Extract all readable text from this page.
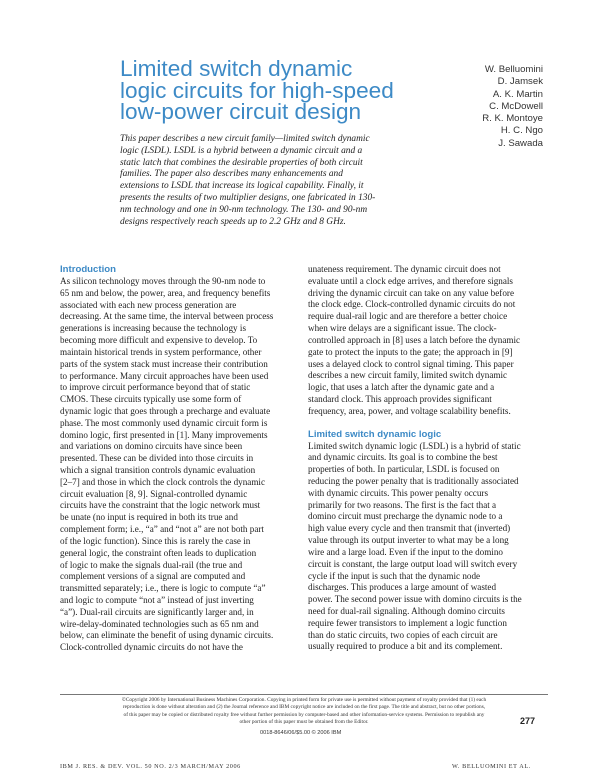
Limited switch dynamic
logic circuits for high-speed
low-power circuit design
W. Belluomini
D. Jamsek
A. K. Martin
C. McDowell
R. K. Montoye
H. C. Ngo
J. Sawada
This paper describes a new circuit family—limited switch dynamic
logic (LSDL). LSDL is a hybrid between a dynamic circuit and a
static latch that combines the desirable properties of both circuit
families. The paper also describes many enhancements and
extensions to LSDL that increase its logical capability. Finally, it
presents the results of two multiplier designs, one fabricated in 130-
nm technology and one in 90-nm technology. The 130- and 90-nm
designs respectively reach speeds up to 2.2 GHz and 8 GHz.
Introduction
As silicon technology moves through the 90-nm node to
65 nm and below, the power, area, and frequency benefits
associated with each new process generation are
decreasing. At the same time, the interval between process
generations is increasing because the technology is
becoming more difficult and expensive to develop. To
maintain historical trends in system performance, other
parts of the system stack must increase their contribution
to performance. Many circuit approaches have been used
to improve circuit performance beyond that of static
CMOS. These circuits typically use some form of
dynamic logic that goes through a precharge and evaluate
phase. The most commonly used dynamic circuit form is
domino logic, first presented in [1]. Many improvements
and variations on domino circuits have since been
presented. These can be divided into those circuits in
which a signal transition controls dynamic evaluation
[2–7] and those in which the clock controls the dynamic
circuit evaluation [8, 9]. Signal-controlled dynamic
circuits have the constraint that the logic network must
be unate (no input is required in both its true and
complement form; i.e., “a” and “not a” are not both part
of the logic function). Since this is rarely the case in
general logic, the constraint often leads to duplication
of logic to make the signals dual-rail (the true and
complement versions of a signal are computed and
transmitted separately; i.e., there is logic to compute “a”
and logic to compute “not a” instead of just inverting
“a”). Dual-rail circuits are significantly larger and, in
wire-delay-dominated technologies such as 65 nm and
below, can eliminate the benefit of using dynamic circuits.
Clock-controlled dynamic circuits do not have the
unateness requirement. The dynamic circuit does not
evaluate until a clock edge arrives, and therefore signals
driving the dynamic circuit can take on any value before
the clock edge. Clock-controlled dynamic circuits do not
require dual-rail logic and are therefore a better choice
when wire delays are a significant issue. The clock-
controlled approach in [8] uses a latch before the dynamic
gate to protect the inputs to the gate; the approach in [9]
uses a delayed clock to control signal timing. This paper
describes a new circuit family, limited switch dynamic
logic, that uses a latch after the dynamic gate and a
standard clock. This approach provides significant
frequency, area, power, and voltage scalability benefits.
Limited switch dynamic logic
Limited switch dynamic logic (LSDL) is a hybrid of static
and dynamic circuits. Its goal is to combine the best
properties of both. In particular, LSDL is focused on
reducing the power penalty that is traditionally associated
with dynamic circuits. This power penalty occurs
primarily for two reasons. The first is the fact that a
domino circuit must precharge the dynamic node to a
high value every cycle and then transmit that (inverted)
value through its output inverter to what may be a long
wire and a large load. Even if the input to the domino
circuit is constant, the large output load will switch every
cycle if the input is such that the dynamic node
discharges. This produces a large amount of wasted
power. The second power issue with domino circuits is the
need for dual-rail signaling. Although domino circuits
require fewer transistors to implement a logic function
than do static circuits, two copies of each circuit are
usually required to produce a bit and its complement.
©Copyright 2006 by International Business Machines Corporation. Copying in printed form for private use is permitted without payment of royalty provided that (1) each
reproduction is done without alteration and (2) the Journal reference and IBM copyright notice are included on the first page. The title and abstract, but no other portions,
of this paper may be copied or distributed royalty free without further permission by computer-based and other information-service systems. Permission to republish any
other portion of this paper must be obtained from the Editor.	277
0018-8646/06/$5.00 © 2006 IBM
IBM J. RES. & DEV. VOL. 50 NO. 2/3 MARCH/MAY 2006	W. BELLUOMINI ET AL.
